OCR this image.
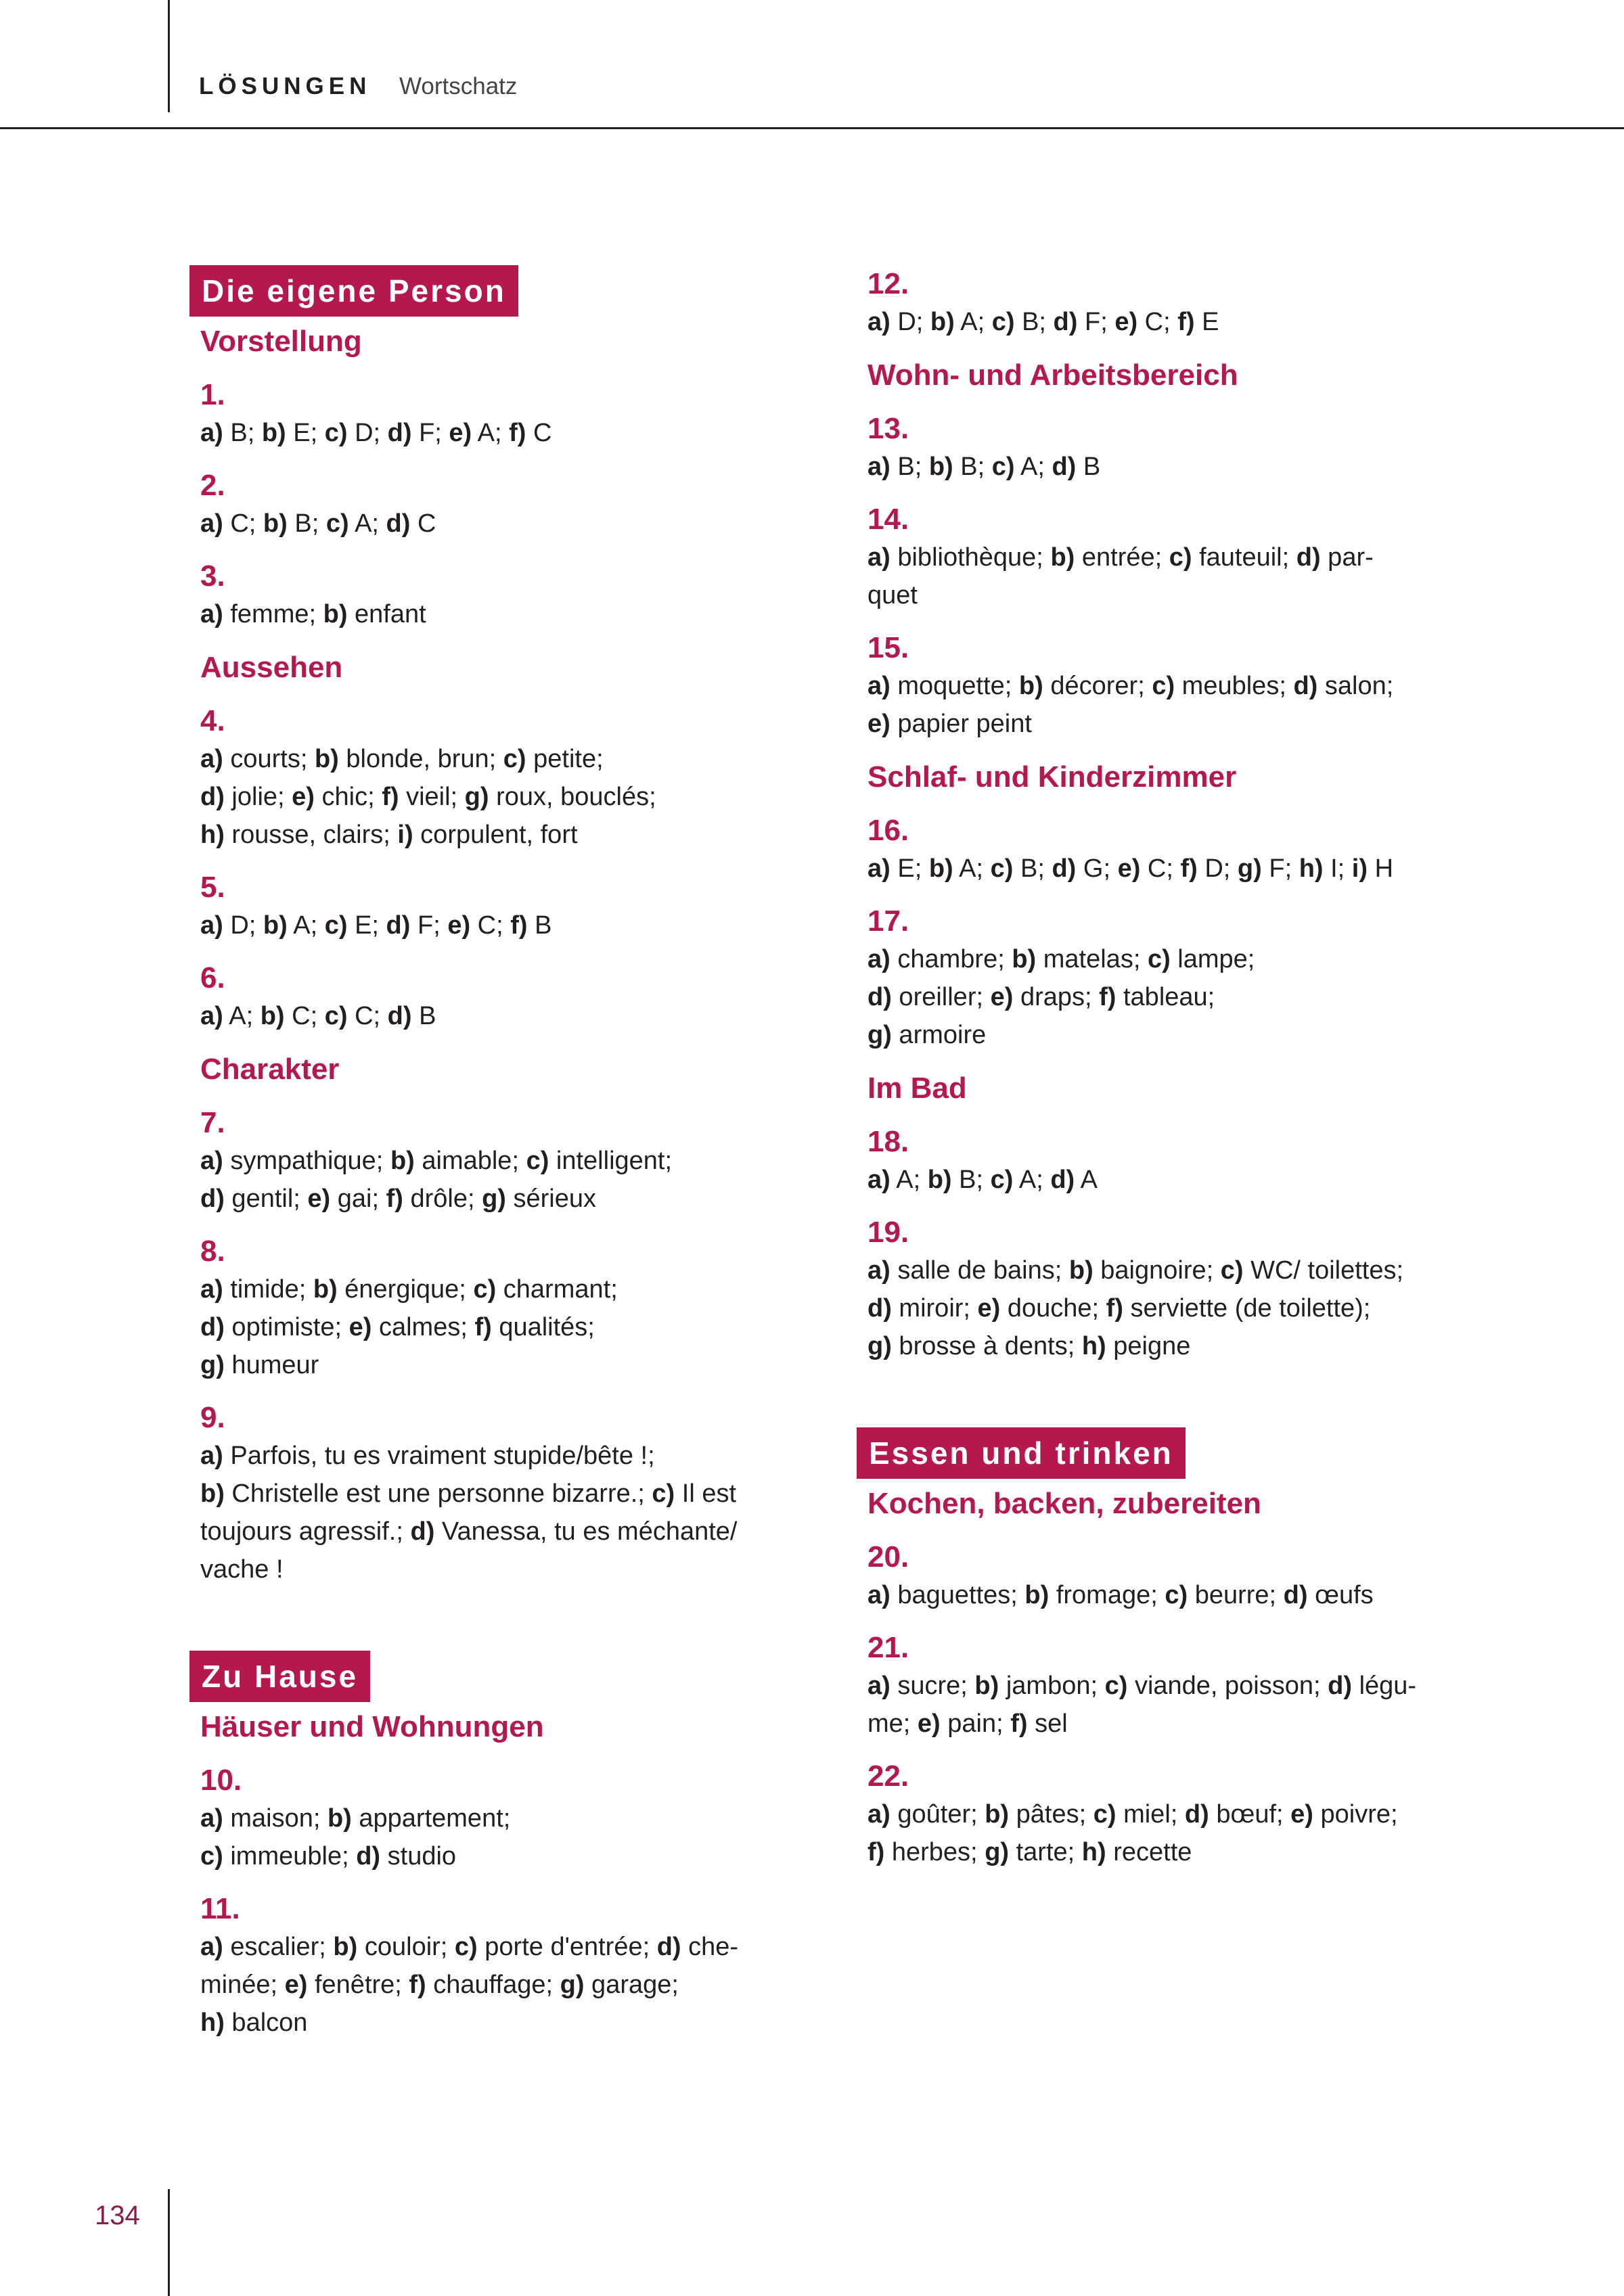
LÖSUNGEN Wortschatz
134
Die eigene Person
Vorstellung
1.
a) B; b) E; c) D; d) F; e) A; f) C
2.
a) C; b) B; c) A; d) C
3.
a) femme; b) enfant
Aussehen
4.
a) courts; b) blonde, brun; c) petite;
d) jolie; e) chic; f) vieil; g) roux, bouclés;
h) rousse, clairs; i) corpulent, fort
5.
a) D; b) A; c) E; d) F; e) C; f) B
6.
a) A; b) C; c) C; d) B
Charakter
7.
a) sympathique; b) aimable; c) intelligent;
d) gentil; e) gai; f) drôle; g) sérieux
8.
a) timide; b) énergique; c) charmant;
d) optimiste; e) calmes; f) qualités;
g) humeur
9.
a) Parfois, tu es vraiment stupide/bête !;
b) Christelle est une personne bizarre.; c) Il est
toujours agressif.; d) Vanessa, tu es méchante/
vache !
Zu Hause
Häuser und Wohnungen
10.
a) maison; b) appartement;
c) immeuble; d) studio
11.
a) escalier; b) couloir; c) porte d'entrée; d) che-
minée; e) fenêtre; f) chauffage; g) garage;
h) balcon
12.
a) D; b) A; c) B; d) F; e) C; f) E
Wohn- und Arbeitsbereich
13.
a) B; b) B; c) A; d) B
14.
a) bibliothèque; b) entrée; c) fauteuil; d) par-
quet
15.
a) moquette; b) décorer; c) meubles; d) salon;
e) papier peint
Schlaf- und Kinderzimmer
16.
a) E; b) A; c) B; d) G; e) C; f) D; g) F; h) I; i) H
17.
a) chambre; b) matelas; c) lampe;
d) oreiller; e) draps; f) tableau;
g) armoire
Im Bad
18.
a) A; b) B; c) A; d) A
19.
a) salle de bains; b) baignoire; c) WC/ toilettes;
d) miroir; e) douche; f) serviette (de toilette);
g) brosse à dents; h) peigne
Essen und trinken
Kochen, backen, zubereiten
20.
a) baguettes; b) fromage; c) beurre; d) œufs
21.
a) sucre; b) jambon; c) viande, poisson; d) légu-
me; e) pain; f) sel
22.
a) goûter; b) pâtes; c) miel; d) bœuf; e) poivre;
f) herbes; g) tarte; h) recette
